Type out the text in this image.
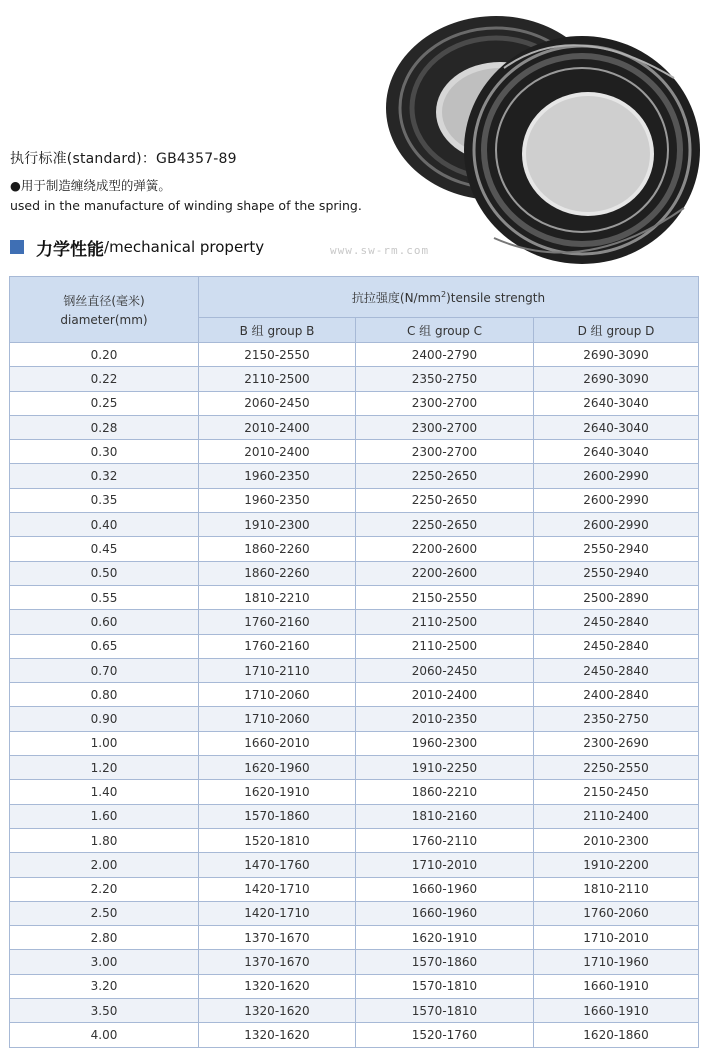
执行标准(standard)：GB4357-89
●用于制造缠绕成型的弹簧。
used in the manufacture of winding shape of the spring.
力学性能 / mechanical property	www.sw-rm.com
钢丝直径(毫米)
diameter(mm)	抗拉强度$(N/mm^2)tensile$ strength		
	B 组 group B	C 组 group C	D 组 group D
0.20	2150-2550	2400-2790	2690-3090
0.22	2110-2500	2350-2750	2690-3090
0.25	2060-2450	2300-2700	2640-3040
0.28	2010-2400	2300-2700	2640-3040
0.30	2010-2400	2300-2700	2640-3040
0.32	1960-2350	2250-2650	2600-2990
0.35	1960-2350	2250-2650	2600-2990
0.40	1910-2300	2250-2650	2600-2990
0.45	1860-2260	2200-2600	2550-2940
0.50	1860-2260	2200-2600	2550-2940
0.55	1810-2210	2150-2550	2500-2890
0.60	1760-2160	2110-2500	2450-2840
0.65	1760-2160	2110-2500	2450-2840
0.70	1710-2110	2060-2450	2450-2840
0.80	1710-2060	2010-2400	2400-2840
0.90	1710-2060	2010-2350	2350-2750
1.00	1660-2010	1960-2300	2300-2690
1.20	1620-1960	1910-2250	2250-2550
1.40	1620-1910	1860-2210	2150-2450
1.60	1570-1860	1810-2160	2110-2400
1.80	1520-1810	1760-2110	2010-2300
2.00	1470-1760	1710-2010	1910-2200
2.20	1420-1710	1660-1960	1810-2110
2.50	1420-1710	1660-1960	1760-2060
2.80	1370-1670	1620-1910	1710-2010
3.00	1370-1670	1570-1860	1710-1960
3.20	1320-1620	1570-1810	1660-1910
3.50	1320-1620	1570-1810	1660-1910
4.00	1320-1620	1520-1760	1620-1860
